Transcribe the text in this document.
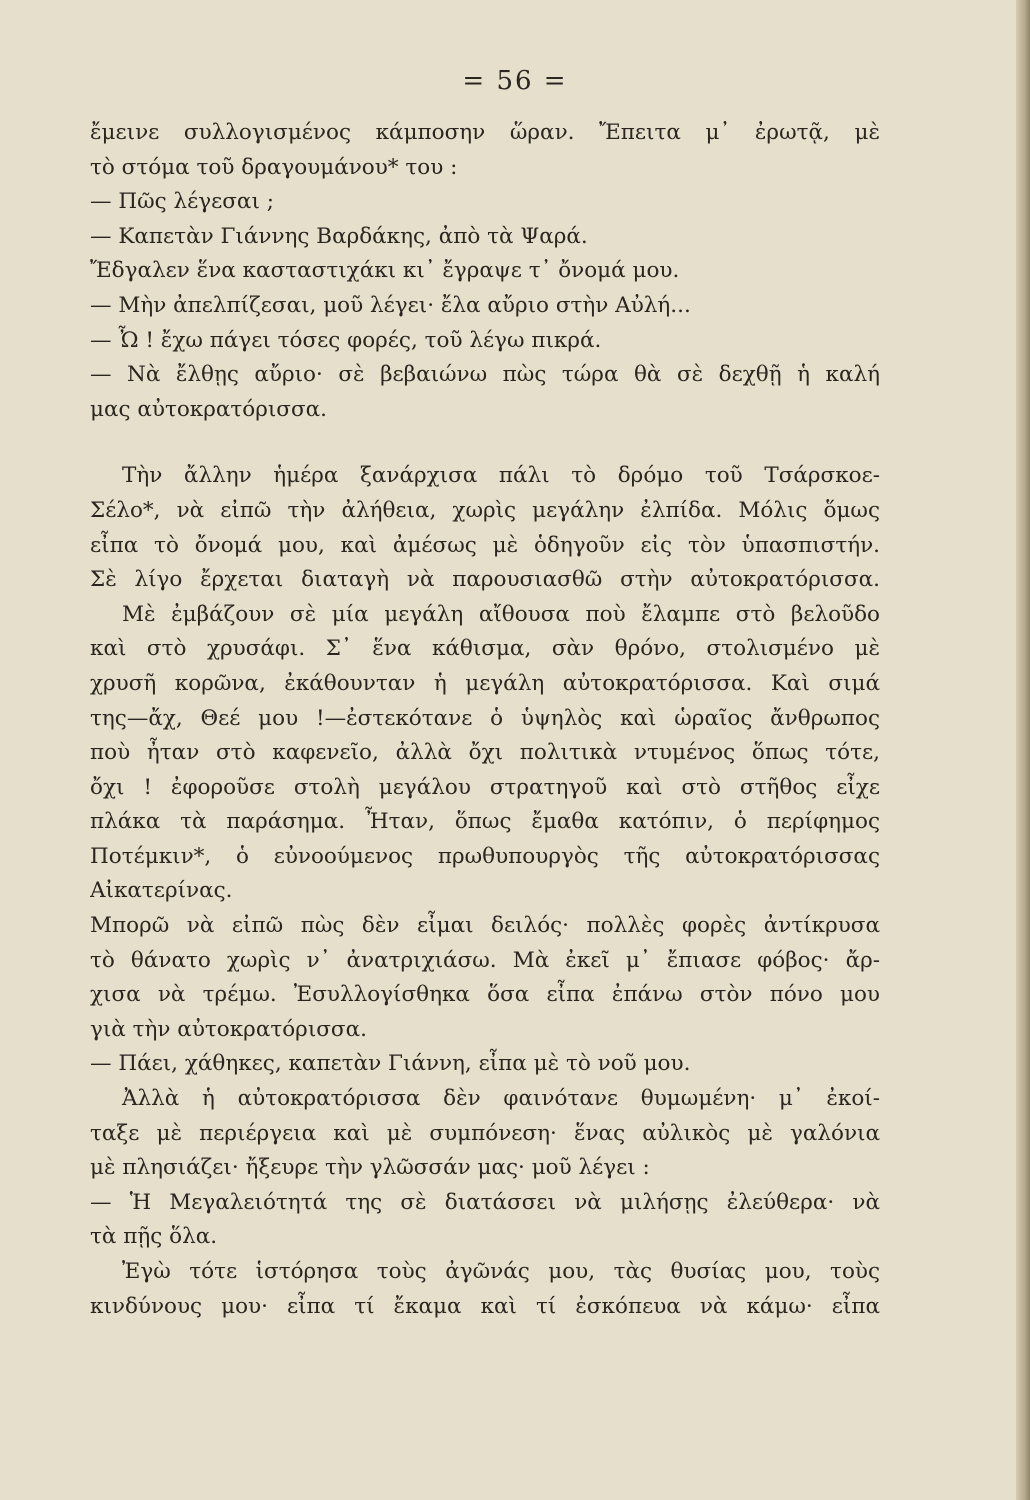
= 56 =
ἔμεινε συλλογισμένος κάμποσην ὥραν. Ἔπειτα μ᾽ ἐρωτᾷ, μὲ
τὸ στόμα τοῦ δραγουμάνου* του :
— Πῶς λέγεσαι ;
— Καπετὰν Γιάννης Βαρδάκης, ἀπὸ τὰ Ψαρά.
Ἔδγαλεν ἕνα κασταστιχάκι κι᾽ ἔγραψε τ᾽ ὄνομά μου.
— Μὴν ἀπελπίζεσαι, μοῦ λέγει· ἔλα αὔριο στὴν Αὐλή...
— Ὦ ! ἔχω πάγει τόσες φορές, τοῦ λέγω πικρά.
— Νὰ ἔλθῃς αὔριο· σὲ βεβαιώνω πὼς τώρα θὰ σὲ δεχθῇ ἡ καλή
μας αὐτοκρατόρισσα.
Τὴν ἄλλην ἡμέρα ξανάρχισα πάλι τὸ δρόμο τοῦ Τσάρσκοε-
Σέλο*, νὰ εἰπῶ τὴν ἀλήθεια, χωρὶς μεγάλην ἐλπίδα. Μόλις ὅμως
εἶπα τὸ ὄνομά μου, καὶ ἀμέσως μὲ ὁδηγοῦν εἰς τὸν ὑπασπιστήν.
Σὲ λίγο ἔρχεται διαταγὴ νὰ παρουσιασθῶ στὴν αὐτοκρατόρισσα.
Μὲ ἐμβάζουν σὲ μία μεγάλη αἴθουσα ποὺ ἔλαμπε στὸ βελοῦδο
καὶ στὸ χρυσάφι. Σ᾽ ἕνα κάθισμα, σὰν θρόνο, στολισμένο μὲ
χρυσῆ κορῶνα, ἐκάθουνταν ἡ μεγάλη αὐτοκρατόρισσα. Καὶ σιμά
της—ἄχ, Θεέ μου !—ἐστεκότανε ὁ ὑψηλὸς καὶ ὡραῖος ἄνθρωπος
ποὺ ἦταν στὸ καφενεῖο, ἀλλὰ ὄχι πολιτικὰ ντυμένος ὅπως τότε,
ὄχι ! ἐφοροῦσε στολὴ μεγάλου στρατηγοῦ καὶ στὸ στῆθος εἶχε
πλάκα τὰ παράσημα. Ἦταν, ὅπως ἔμαθα κατόπιν, ὁ περίφημος
Ποτέμκιν*, ὁ εὐνοούμενος πρωθυπουργὸς τῆς αὐτοκρατόρισσας
Αἰκατερίνας.
Μπορῶ νὰ εἰπῶ πὼς δὲν εἶμαι δειλός· πολλὲς φορὲς ἀντίκρυσα
τὸ θάνατο χωρὶς ν᾽ ἀνατριχιάσω. Μὰ ἐκεῖ μ᾽ ἔπιασε φόβος· ἄρ-
χισα νὰ τρέμω. Ἐσυλλογίσθηκα ὅσα εἶπα ἐπάνω στὸν πόνο μου
γιὰ τὴν αὐτοκρατόρισσα.
— Πάει, χάθηκες, καπετὰν Γιάννη, εἶπα μὲ τὸ νοῦ μου.
Ἀλλὰ ἡ αὐτοκρατόρισσα δὲν φαινότανε θυμωμένη· μ᾽ ἐκοί-
ταξε μὲ περιέργεια καὶ μὲ συμπόνεση· ἕνας αὐλικὸς μὲ γαλόνια
μὲ πλησιάζει· ἤξευρε τὴν γλῶσσάν μας· μοῦ λέγει :
— Ἡ Μεγαλειότητά της σὲ διατάσσει νὰ μιλήσῃς ἐλεύθερα· νὰ
τὰ πῇς ὅλα.
Ἐγὼ τότε ἱστόρησα τοὺς ἀγῶνάς μου, τὰς θυσίας μου, τοὺς
κινδύνους μου· εἶπα τί ἔκαμα καὶ τί ἐσκόπευα νὰ κάμω· εἶπα
